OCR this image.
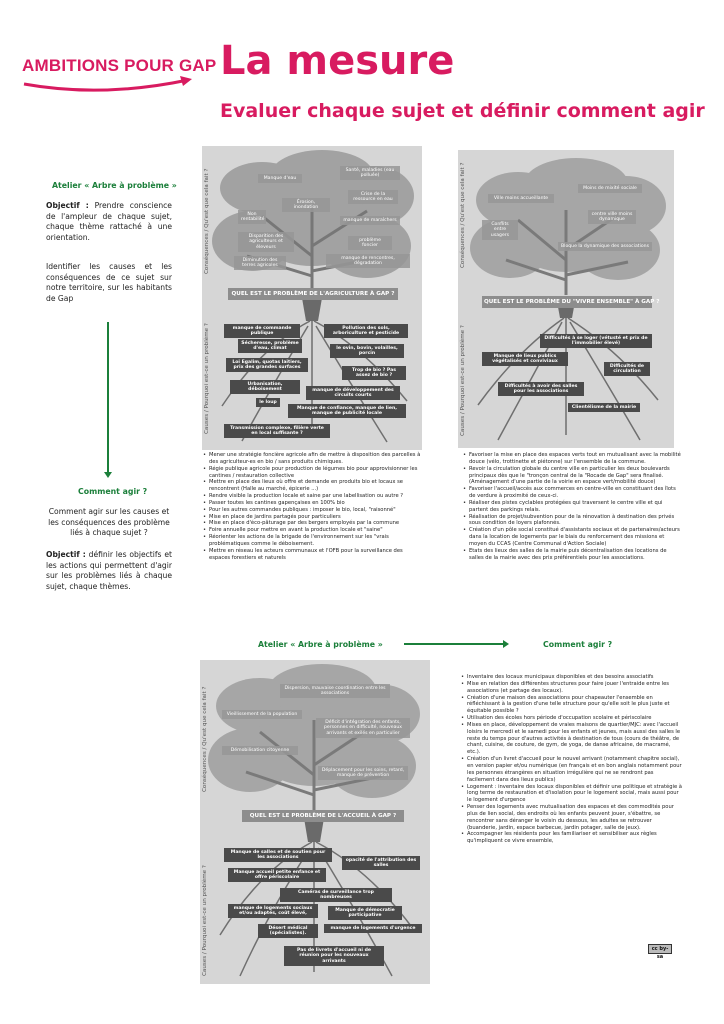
AMBITIONS POUR GAP La mesure
Evaluer chaque sujet et définir comment agir
Atelier « Arbre à problème »

Objectif : Prendre conscience de l'ampleur de chaque sujet, chaque thème rattaché à une orientation.

Identifier les causes et les conséquences de ce sujet sur notre territoire, sur les habitants de Gap

Comment agir ?

Comment agir sur les causes et les conséquences des problème liés à chaque sujet ?

Objectif : définir les objectifs et les actions qui permettent d'agir sur les problèmes liés à chaque sujet, chaque thèmes.

Conséquences / Qu'est que cela fait ?
Causes / Pourquoi est-ce un problème ?
Manque d'eau
Santé, maladies (eau polluée)
Érosion, inondation
Crise de la ressource en eau
Non rentabilité	manque de maraîchers
Disparition des agriculteurs et éleveurs
problème foncier
Diminution des terres agricoles
manque de rencontres, dégradation
QUEL EST LE PROBLÈME DE L'AGRICULTURE À GAP ?
manque de commande publique
Pollution des sols, arboriculture et pesticide
Sécheresse, problème d'eau, climat	le ovin, bovin, volailles, porcin
Loi Egalim, quotas laitiers, prix des grandes surfaces	Trop de bio ? Pas assez de bio ?
Urbanisation, déboisement	manque de développement des circuits courts
le loup
Manque de confiance, manque de lien, manque de publicité locale
Transmission complexe, filière verte en local suffisante ?
• Mener une stratégie foncière agricole afin de mettre à disposition des parcelles à des agriculteur-es en bio / sans produits chimiques.
• Régie publique agricole pour production de légumes bio pour approvisionner les cantines / restauration collective
• Mettre en place des lieux où offre et demande en produits bio et locaux se rencontrent (Halle au marché, épicerie ...)
• Rendre visible la production locale et saine par une labellisation ou autre ?
• Passer toutes les cantines gapençaises en 100% bio
• Pour les autres commandes publiques : imposer le bio, local, "raisonné"
• Mise en place de jardins partagés pour particuliers
• Mise en place d'éco-pâturage par des bergers employés par la commune
• Foire annuelle pour mettre en avant la production locale et "saine"
• Réorienter les actions de la brigade de l'environnement sur les "vrais problématiques comme le déboisement.
• Mettre en réseau les acteurs communaux et l'OFB pour la surveillance des espaces forestiers et naturels
Conséquences / Qu'est que cela fait ?
Causes / Pourquoi est-ce un problème ?
Moins de mixité sociale
Ville moins accueillante
centre ville moins dynamique
Conflits entre usagers
Bloque la dynamique des associations
QUEL EST LE PROBLÈME DU "VIVRE ENSEMBLE" À GAP ?
Difficultés à se loger (vétusté et prix de l'immobilier élevé)
Manque de lieux publics végétalisés et conviviaux
Difficultés de circulation
Difficultés à avoir des salles pour les associations
Clientélisme de la mairie
• Favoriser la mise en place des espaces verts tout en mutualisant avec la mobilité douce (vélo, trottinette et piétonne) sur l'ensemble de la commune.
• Revoir la circulation globale du centre ville en particulier les deux boulevards principaux dès que le "tronçon central de la "Rocade de Gap" sera finalisé. (Aménagement d'une partie de la voirie en espace vert/mobilité douce)
• Favoriser l'accueil/accès aux commerces en centre-ville en constituant des îlots de verdure à proximité de ceux-ci.
• Réaliser des pistes cyclables protégées qui traversent le centre ville et qui partent des parkings relais.
• Réalisation de projet/subvention pour de la rénovation à destination des privés sous condition de loyers plafonnés.
• Création d'un pôle social constitué d'assistants sociaux et de partenaires/acteurs dans la location de logements par le biais du renforcement des missions et moyen du CCAS (Centre Communal d'Action Sociale)
• Etats des lieux des salles de la mairie puis décentralisation des locations de salles de la mairie avec des prix préférentiels pour les associations.
Atelier « Arbre à problème »	Comment agir ?
Conséquences / Qu'est que cela fait ?
Causes / Pourquoi est-ce un problème ?
Dispersion, mauvaise coordination entre les associations
Vieillissement de la population
Déficit d'intégration des enfants, personnes en difficulté, nouveaux arrivants et exilés en particulier
Démobilisation citoyenne
Déplacement pour les soins, retard, manque de prévention
QUEL EST LE PROBLÈME DE L'ACCUEIL À GAP ?
Manque de salles et de soutien pour les associations	opacité de l'attribution des salles
Manque accueil petite enfance et offre périscolaire
Caméras de surveillance trop nombreuses
manque de logements sociaux et/ou adaptés, coût élevé,
Manque de démocratie participative
Désert médical (spécialistes).
manque de logements d'urgence
Pas de livrets d'accueil ni de réunion pour les nouveaux arrivants
• Inventaire des locaux municipaux disponibles et des besoins associatifs
• Mise en relation des différentes structures pour faire jouer l'entraide entre les associations (et partage des locaux).
• Création d'une maison des associations pour chapeauter l'ensemble en réfléchissant à la gestion d'une telle structure pour qu'elle soit le plus juste et équitable possible ?
• Utilisation des écoles hors période d'occupation scolaire et périscolaire
• Mises en place, développement de vraies maisons de quartier/MJC: avec l'accueil loisirs le mercredi et le samedi pour les enfants et jeunes, mais aussi des salles le reste du temps pour d'autres activités à destination de tous (cours de théâtre, de chant, cuisine, de couture, de gym, de yoga, de danse africaine, de macramé, etc.).
• Création d'un livret d'accueil pour le nouvel arrivant (notamment chapitre social), en version papier et/ou numérique (en français et en bon anglais notamment pour les personnes étrangères en situation irrégulière qui ne se rendront pas facilement dans des lieux publics)
• Logement : inventaire des locaux disponibles et définir une politique et stratégie à long terme de restauration et d'isolation pour le logement social, mais aussi pour le logement d'urgence
• Penser des logements avec mutualisation des espaces et des commodités pour plus de lien social, des endroits où les enfants peuvent jouer, s'ébattre, se rencontrer sans déranger le voisin du dessous, les adultes se retrouver (buanderie, jardin, espace barbecue, jardin potager, salle de jeux).
• Accompagner les résidents pour les familiariser et sensibiliser aux règles qu'impliquent ce vivre ensemble,
cc by-sa
